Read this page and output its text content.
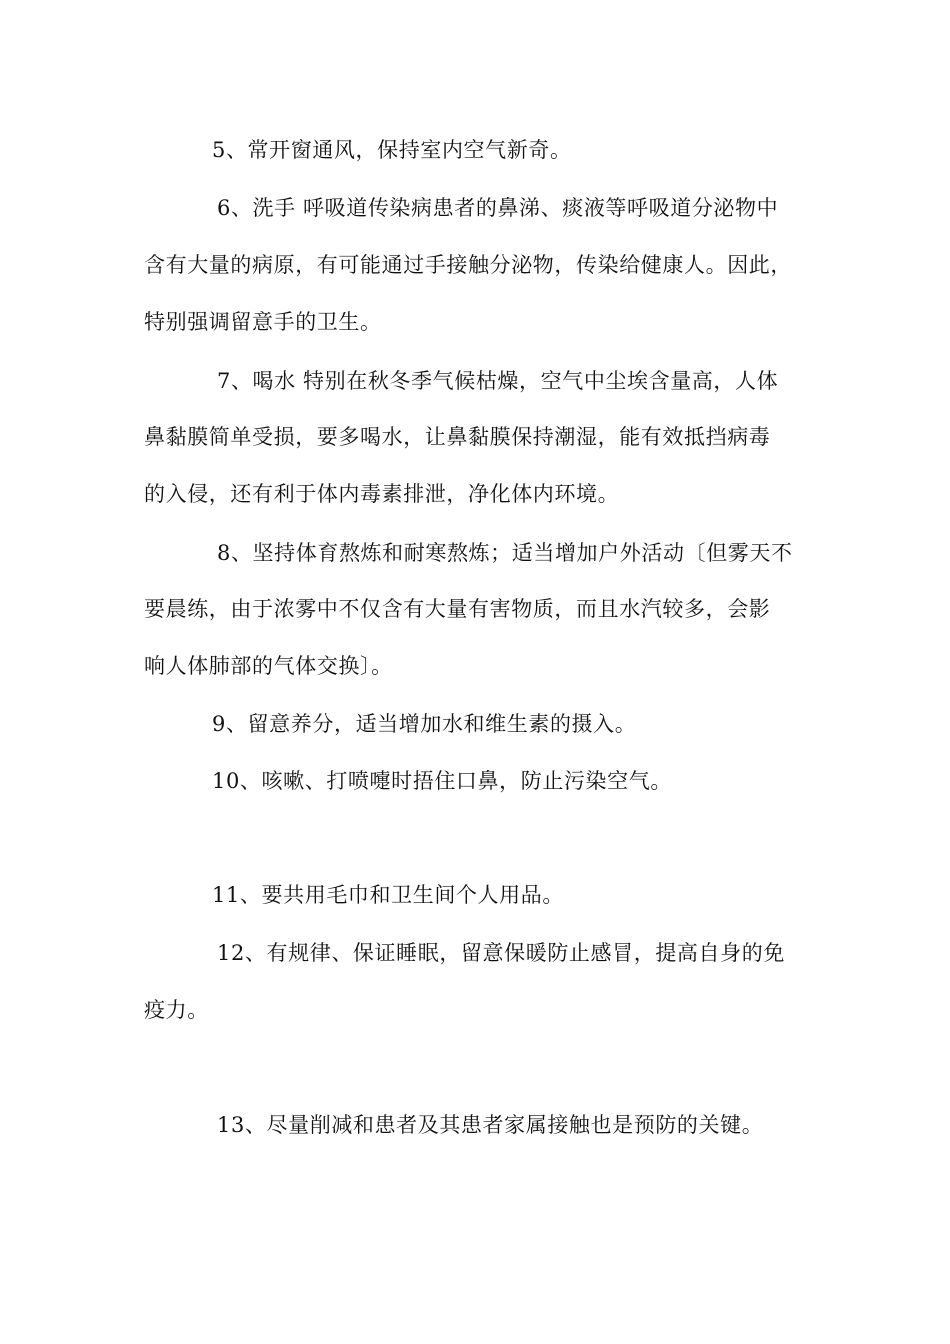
5、常开窗通风，保持室内空气新奇。
6、洗手 呼吸道传染病患者的鼻涕、痰液等呼吸道分泌物中
含有大量的病原，有可能通过手接触分泌物，传染给健康人。因此，
特别强调留意手的卫生。
7、喝水 特别在秋冬季气候枯燥，空气中尘埃含量高，人体
鼻黏膜简单受损，要多喝水，让鼻黏膜保持潮湿，能有效抵挡病毒
的入侵，还有利于体内毒素排泄，净化体内环境。
8、坚持体育熬炼和耐寒熬炼；适当增加户外活动〔但雾天不
要晨练，由于浓雾中不仅含有大量有害物质，而且水汽较多，会影
响人体肺部的气体交换〕。
9、留意养分，适当增加水和维生素的摄入。
10、咳嗽、打喷嚏时捂住口鼻，防止污染空气。
11、要共用毛巾和卫生间个人用品。
12、有规律、保证睡眠，留意保暖防止感冒，提高自身的免
疫力。
13、尽量削减和患者及其患者家属接触也是预防的关键。
